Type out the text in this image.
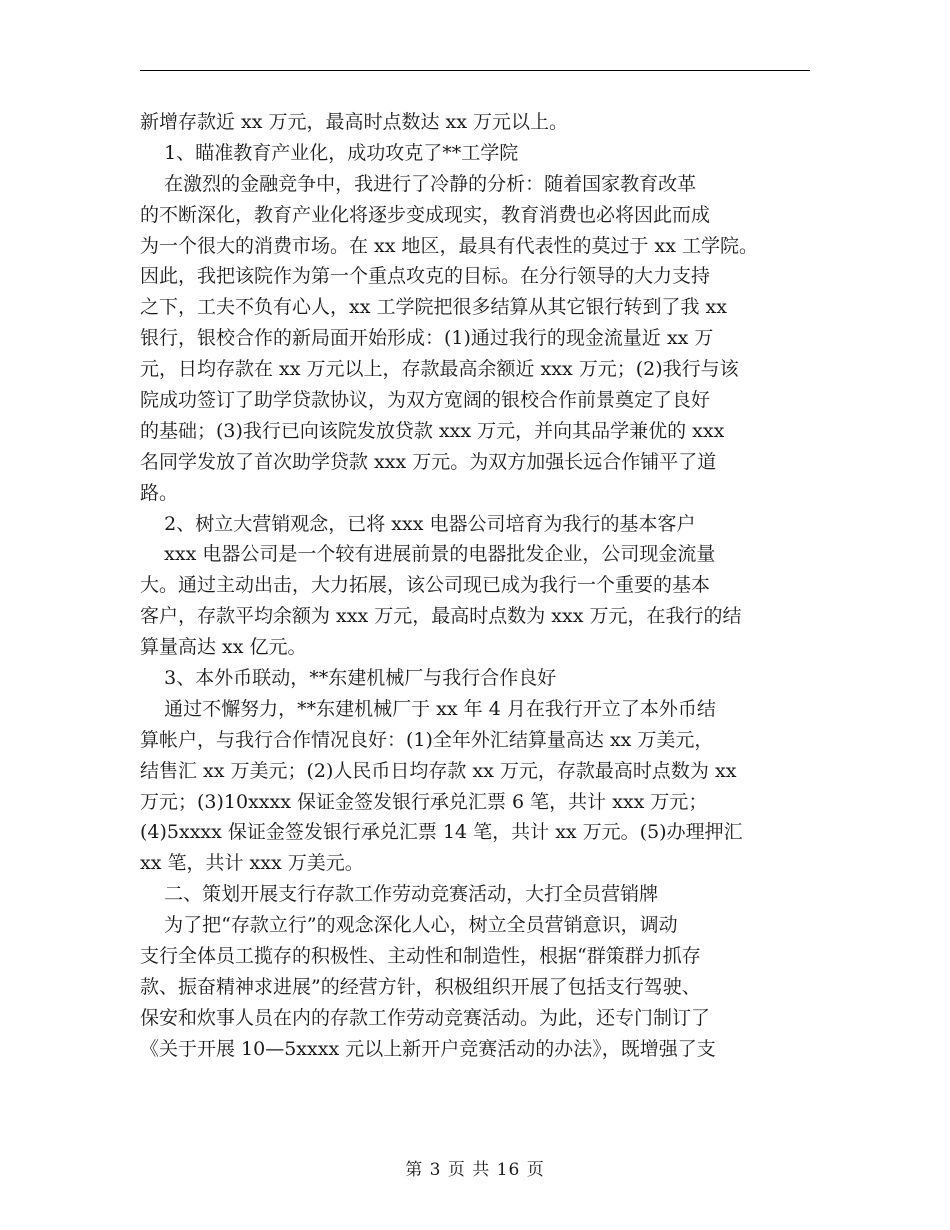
新增存款近 xx 万元，最高时点数达 xx 万元以上。
1、瞄准教育产业化，成功攻克了**工学院
在激烈的金融竞争中，我进行了冷静的分析：随着国家教育改革
的不断深化，教育产业化将逐步变成现实，教育消费也必将因此而成
为一个很大的消费市场。在 xx 地区，最具有代表性的莫过于 xx 工学院。
因此，我把该院作为第一个重点攻克的目标。在分行领导的大力支持
之下，工夫不负有心人，xx 工学院把很多结算从其它银行转到了我 xx
银行，银校合作的新局面开始形成：(1)通过我行的现金流量近 xx 万
元，日均存款在 xx 万元以上，存款最高余额近 xxx 万元；(2)我行与该
院成功签订了助学贷款协议，为双方宽阔的银校合作前景奠定了良好
的基础；(3)我行已向该院发放贷款 xxx 万元，并向其品学兼优的 xxx
名同学发放了首次助学贷款 xxx 万元。为双方加强长远合作铺平了道
路。
2、树立大营销观念，已将 xxx 电器公司培育为我行的基本客户
xxx 电器公司是一个较有进展前景的电器批发企业，公司现金流量
大。通过主动出击，大力拓展，该公司现已成为我行一个重要的基本
客户，存款平均余额为 xxx 万元，最高时点数为 xxx 万元，在我行的结
算量高达 xx 亿元。
3、本外币联动，**东建机械厂与我行合作良好
通过不懈努力，**东建机械厂于 xx 年 4 月在我行开立了本外币结
算帐户，与我行合作情况良好：(1)全年外汇结算量高达 xx 万美元，
结售汇 xx 万美元；(2)人民币日均存款 xx 万元，存款最高时点数为 xx
万元；(3)10xxxx 保证金签发银行承兑汇票 6 笔，共计 xxx 万元；
(4)5xxxx 保证金签发银行承兑汇票 14 笔，共计 xx 万元。(5)办理押汇
xx 笔，共计 xxx 万美元。
二、策划开展支行存款工作劳动竞赛活动，大打全员营销牌
为了把“存款立行”的观念深化人心，树立全员营销意识，调动
支行全体员工揽存的积极性、主动性和制造性，根据“群策群力抓存
款、振奋精神求进展”的经营方针，积极组织开展了包括支行驾驶、
保安和炊事人员在内的存款工作劳动竞赛活动。为此，还专门制订了
《关于开展 10—5xxxx 元以上新开户竞赛活动的办法》，既增强了支
第 3 页 共 16 页
